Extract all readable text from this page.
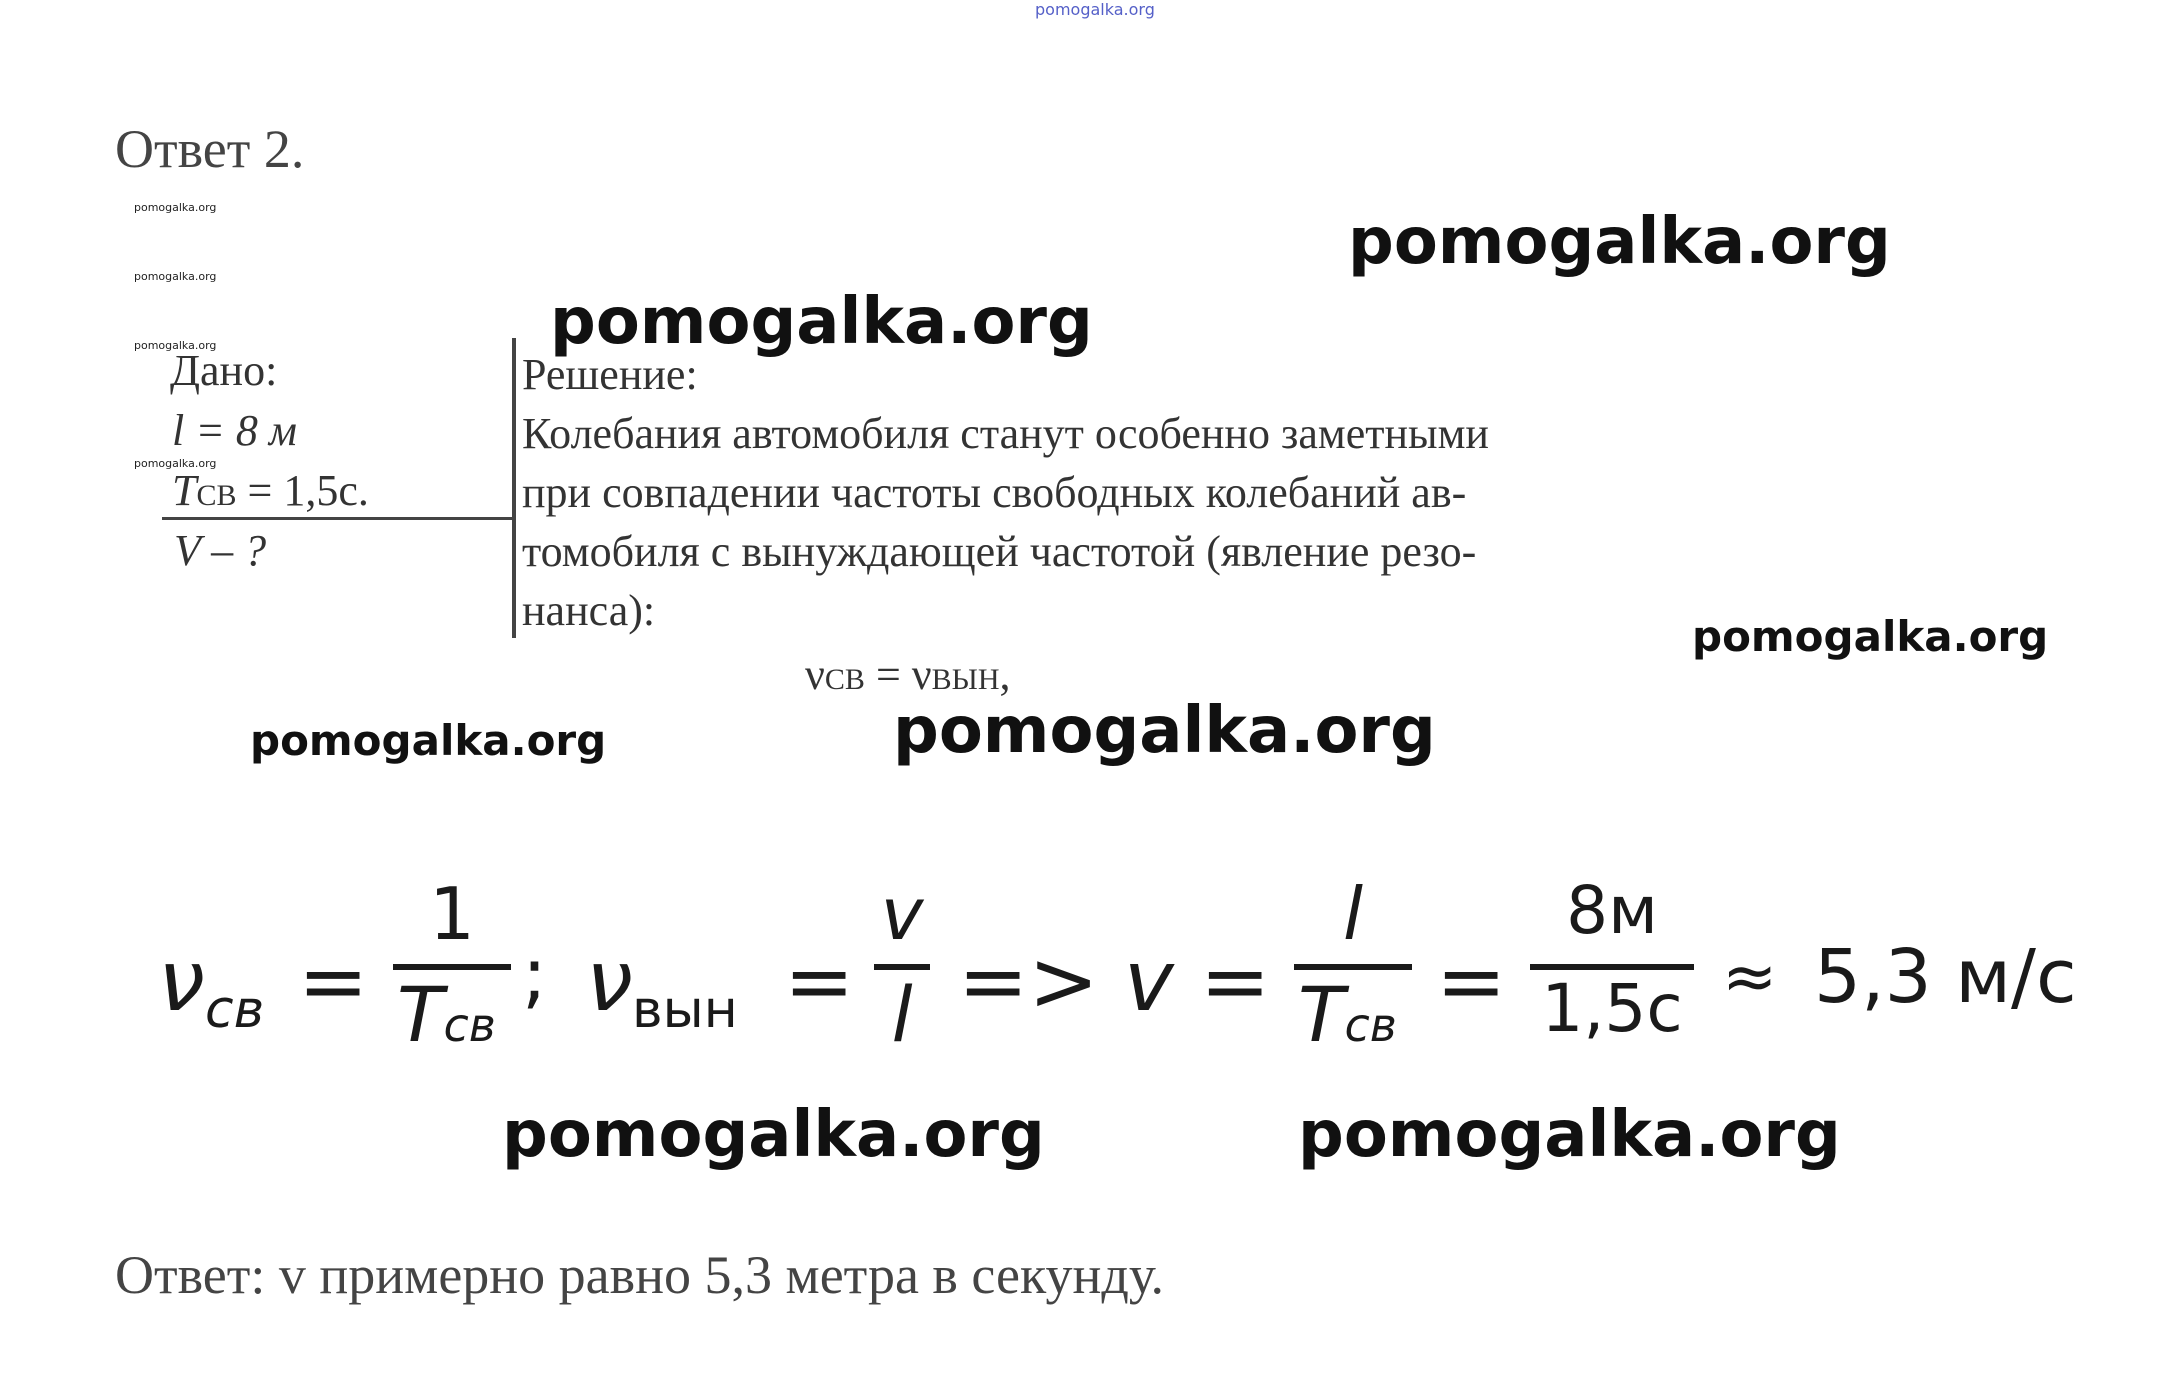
pomogalka.org
Ответ 2.
pomogalka.org
pomogalka.org
pomogalka.org
pomogalka.org
Дано:
l = 8 м
TСВ = 1,5с.
V – ?
Решение:
Колебания автомобиля станут особенно заметными
при совпадении частоты свободных колебаний ав-
томобиля с вынуждающей частотой (явление резо-
нанса):
νСВ = νВЫН,
pomogalka.org
pomogalka.org
pomogalka.org
pomogalka.org	pomogalka.org
ν св =
1
Tсв
; ν вын =
v
l => v =
l
Tсв =
8м
1,5с ≈ 5,3 м/с
pomogalka.org	pomogalka.org
Ответ: v примерно равно 5,3 метра в секунду.
